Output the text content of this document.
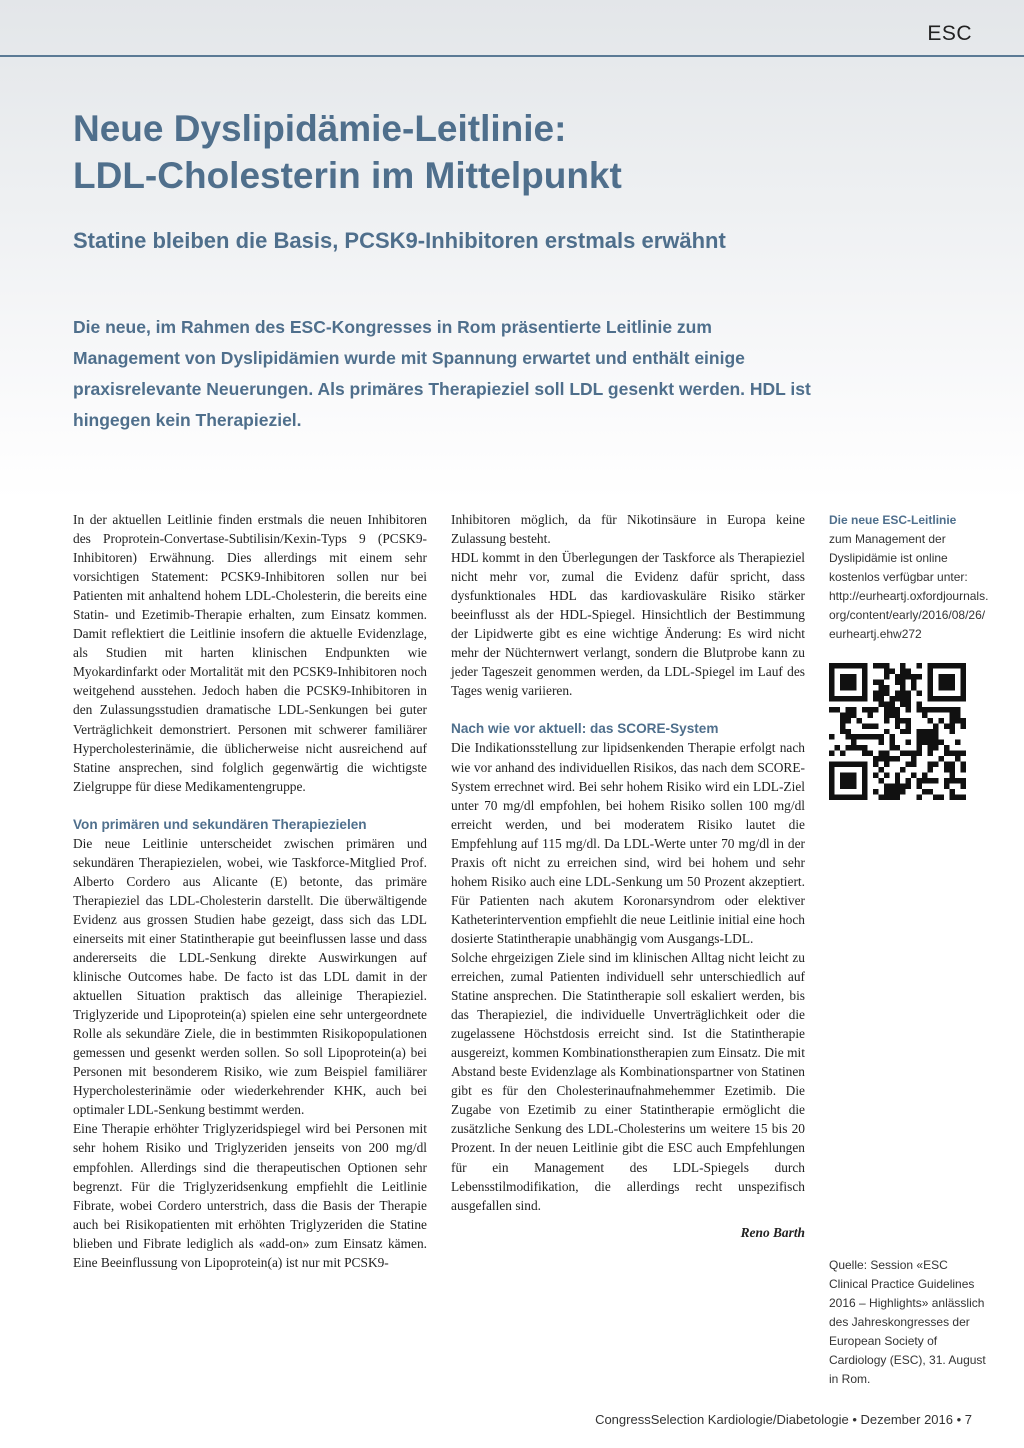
ESC
Neue Dyslipidämie-Leitlinie:
LDL-Cholesterin im Mittelpunkt
Statine bleiben die Basis, PCSK9-Inhibitoren erstmals erwähnt

Die neue, im Rahmen des ESC-Kongresses in Rom präsentierte Leitlinie zum Management von Dyslipidämien wurde mit Spannung erwartet und enthält einige praxisrelevante Neuerungen. Als primäres Therapieziel soll LDL gesenkt werden. HDL ist hingegen kein Therapieziel.

In der aktuellen Leitlinie finden erstmals die neuen Inhibitoren des Proprotein-Convertase-Subtilisin/Kexin-Typs 9 (PCSK9-Inhibitoren) Erwähnung. Dies allerdings mit einem sehr vorsichtigen Statement: PCSK9-Inhibitoren sollen nur bei Patienten mit anhaltend hohem LDL-Cholesterin, die bereits eine Statin- und Ezetimib-Therapie erhalten, zum Einsatz kommen. Damit reflektiert die Leitlinie insofern die aktuelle Evidenzlage, als Studien mit harten klinischen Endpunkten wie Myokardinfarkt oder Mortalität mit den PCSK9-Inhibitoren noch weitgehend ausstehen. Jedoch haben die PCSK9-Inhibitoren in den Zulassungsstudien dramatische LDL-Senkungen bei guter Verträglichkeit demonstriert. Personen mit schwerer familiärer Hypercholesterinämie, die üblicherweise nicht ausreichend auf Statine ansprechen, sind folglich gegenwärtig die wichtigste Zielgruppe für diese Medikamentengruppe.

Von primären und sekundären Therapiezielen

Die neue Leitlinie unterscheidet zwischen primären und sekundären Therapiezielen, wobei, wie Taskforce-Mitglied Prof. Alberto Cordero aus Alicante (E) betonte, das primäre Therapieziel das LDL-Cholesterin darstellt. Die überwältigende Evidenz aus grossen Studien habe gezeigt, dass sich das LDL einerseits mit einer Statintherapie gut beeinflussen lasse und dass andererseits die LDL-Senkung direkte Auswirkungen auf klinische Outcomes habe. De facto ist das LDL damit in der aktuellen Situation praktisch das alleinige Therapieziel. Triglyzeride und Lipoprotein(a) spielen eine sehr untergeordnete Rolle als sekundäre Ziele, die in bestimmten Risikopopulationen gemessen und gesenkt werden sollen. So soll Lipoprotein(a) bei Personen mit besonderem Risiko, wie zum Beispiel familiärer Hypercholesterinämie oder wiederkehrender KHK, auch bei optimaler LDL-Senkung bestimmt werden.

Eine Therapie erhöhter Triglyzeridspiegel wird bei Personen mit sehr hohem Risiko und Triglyzeriden jenseits von 200 mg/dl empfohlen. Allerdings sind die therapeutischen Optionen sehr begrenzt. Für die Triglyzeridsenkung empfiehlt die Leitlinie Fibrate, wobei Cordero unterstrich, dass die Basis der Therapie auch bei Risikopatienten mit erhöhten Triglyzeriden die Statine blieben und Fibrate lediglich als «add-on» zum Einsatz kämen. Eine Beeinflussung von Lipoprotein(a) ist nur mit PCSK9-

Inhibitoren möglich, da für Nikotinsäure in Europa keine Zulassung besteht.

HDL kommt in den Überlegungen der Taskforce als Therapieziel nicht mehr vor, zumal die Evidenz dafür spricht, dass dysfunktionales HDL das kardiovaskuläre Risiko stärker beeinflusst als der HDL-Spiegel. Hinsichtlich der Bestimmung der Lipidwerte gibt es eine wichtige Änderung: Es wird nicht mehr der Nüchternwert verlangt, sondern die Blutprobe kann zu jeder Tageszeit genommen werden, da LDL-Spiegel im Lauf des Tages wenig variieren.

Nach wie vor aktuell: das SCORE-System

Die Indikationsstellung zur lipidsenkenden Therapie erfolgt nach wie vor anhand des individuellen Risikos, das nach dem SCORE-System errechnet wird. Bei sehr hohem Risiko wird ein LDL-Ziel unter 70 mg/dl empfohlen, bei hohem Risiko sollen 100 mg/dl erreicht werden, und bei moderatem Risiko lautet die Empfehlung auf 115 mg/dl. Da LDL-Werte unter 70 mg/dl in der Praxis oft nicht zu erreichen sind, wird bei hohem und sehr hohem Risiko auch eine LDL-Senkung um 50 Prozent akzeptiert. Für Patienten nach akutem Koronarsyndrom oder elektiver Katheterintervention empfiehlt die neue Leitlinie initial eine hoch dosierte Statintherapie unabhängig vom Ausgangs-LDL.

Solche ehrgeizigen Ziele sind im klinischen Alltag nicht leicht zu erreichen, zumal Patienten individuell sehr unterschiedlich auf Statine ansprechen. Die Statintherapie soll eskaliert werden, bis das Therapieziel, die individuelle Unverträglichkeit oder die zugelassene Höchstdosis erreicht sind. Ist die Statintherapie ausgereizt, kommen Kombinationstherapien zum Einsatz. Die mit Abstand beste Evidenzlage als Kombinationspartner von Statinen gibt es für den Cholesterinaufnahmehemmer Ezetimib. Die Zugabe von Ezetimib zu einer Statintherapie ermöglicht die zusätzliche Senkung des LDL-Cholesterins um weitere 15 bis 20 Prozent. In der neuen Leitlinie gibt die ESC auch Empfehlungen für ein Management des LDL-Spiegels durch Lebensstilmodifikation, die allerdings recht unspezifisch ausgefallen sind.

Reno Barth

Die neue ESC-Leitlinie
zum Management der Dyslipidämie ist online kostenlos verfügbar unter:
http://eurheartj.oxfordjournals.org/content/early/2016/08/26/eurheartj.ehw272
Quelle: Session «ESC Clinical Practice Guidelines 2016 – Highlights» anlässlich des Jahreskongresses der European Society of Cardiology (ESC), 31. August in Rom.
CongressSelection Kardiologie/Diabetologie • Dezember 2016 • 7
